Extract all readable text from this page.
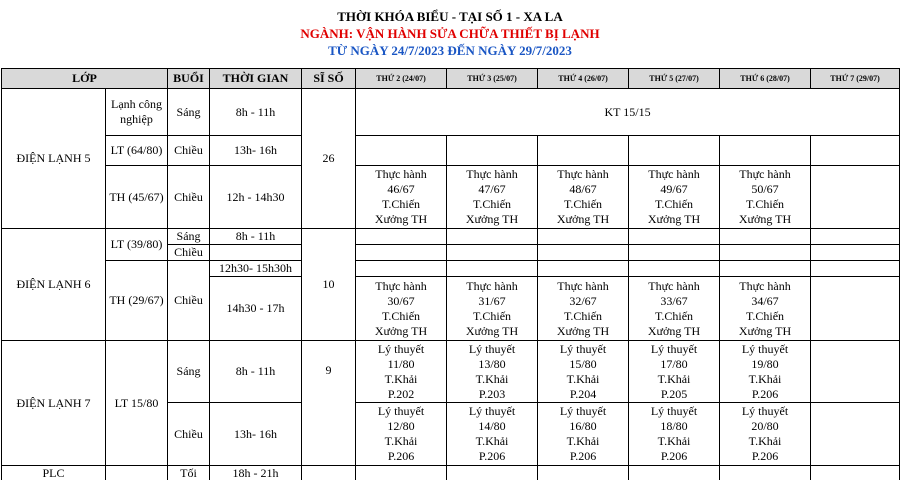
THỜI KHÓA BIỂU - TẠI SỐ 1 - XA LA
NGÀNH: VẬN HÀNH SỬA CHỮA THIẾT BỊ LẠNH
TỪ NGÀY 24/7/2023 ĐẾN NGÀY 29/7/2023
LỚP		BUỔI	THỜI GIAN	SĨ SỐ	THỨ 2 (24/07)	THỨ 3 (25/07)	THỨ 4 (26/07)	THỨ 5 (27/07)	THỨ 6 (28/07)	THỨ 7 (29/07)
ĐIỆN LẠNH 5	Lạnh công nghiệp	Sáng	8h - 11h	26	KT 15/15					
	LT (64/80)	Chiều	13h- 16h							
	TH (45/67)	Chiều	12h - 14h30		Thực hành
46/67
T.Chiến
Xưởng TH	Thực hành
47/67
T.Chiến
Xưởng TH	Thực hành
48/67
T.Chiến
Xưởng TH	Thực hành
49/67
T.Chiến
Xưởng TH	Thực hành
50/67
T.Chiến
Xưởng TH	

ĐIỆN LẠNH 6	LT (39/80)	Sáng	8h - 11h	10						
		Chiều								
	TH (29/67)	Chiều	12h30- 15h30h							
			14h30 - 17h		Thực hành
30/67
T.Chiến
Xưởng TH	Thực hành
31/67
T.Chiến
Xưởng TH	Thực hành
32/67
T.Chiến
Xưởng TH	Thực hành
33/67
T.Chiến
Xưởng TH	Thực hành
34/67
T.Chiến
Xưởng TH	

ĐIỆN LẠNH 7	LT 15/80	Sáng	8h - 11h	9	Lý thuyết
11/80
T.Khải
P.202	Lý thuyết
13/80
T.Khải
P.203	Lý thuyết
15/80
T.Khải
P.204	Lý thuyết
17/80
T.Khải
P.205	Lý thuyết
19/80
T.Khải
P.206	

		Chiều	13h- 16h		Lý thuyết
12/80
T.Khải
P.206	Lý thuyết
14/80
T.Khải
P.206	Lý thuyết
16/80
T.Khải
P.206	Lý thuyết
18/80
T.Khải
P.206	Lý thuyết
20/80
T.Khải
P.206	

PLC		Tối	18h - 21h							
